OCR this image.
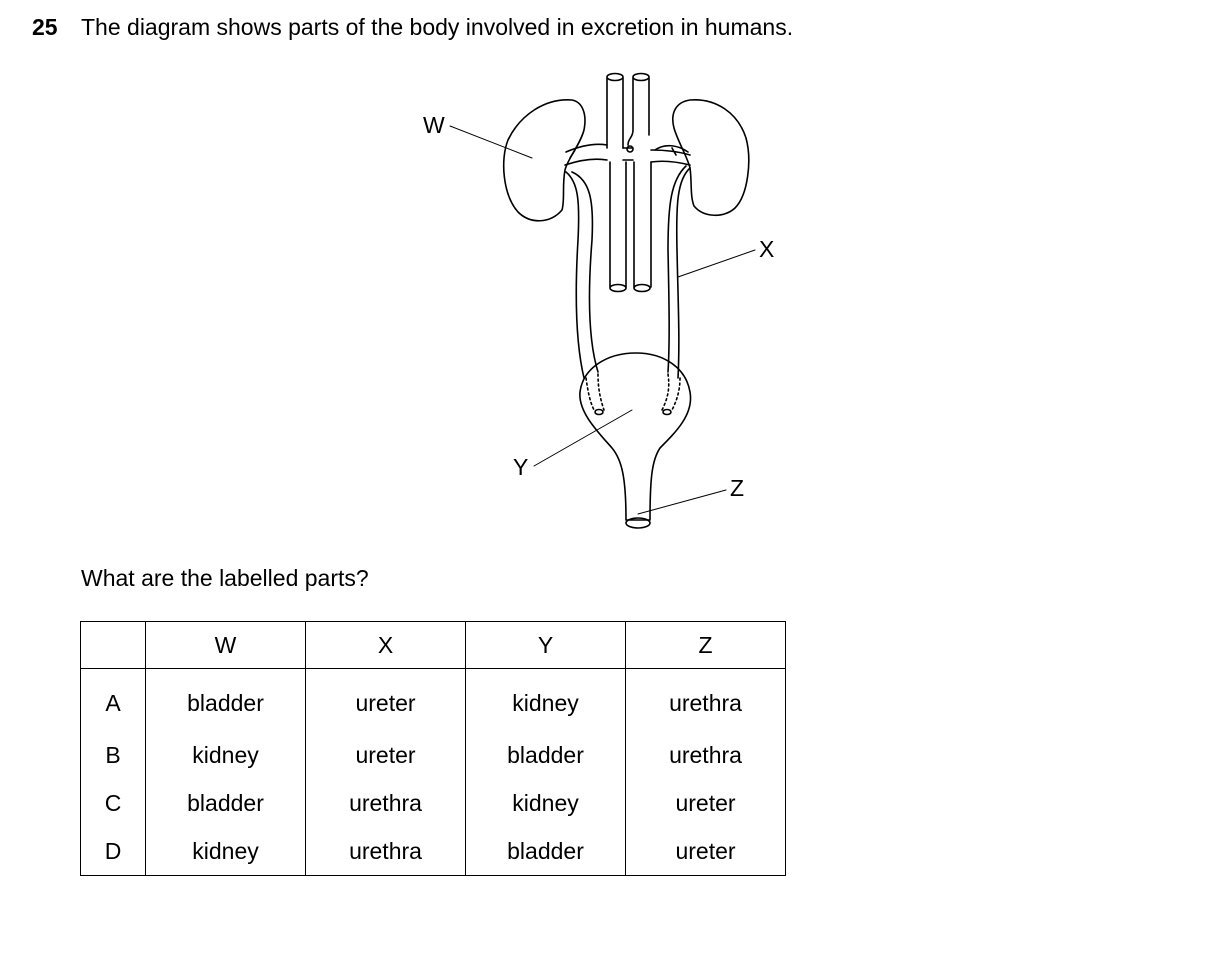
25 The diagram shows parts of the body involved in excretion in humans.
W
X
Y
Z
What are the labelled parts?
	W	X	Y	Z
A	bladder	ureter	kidney	urethra
B	kidney	ureter	bladder	urethra
C	bladder	urethra	kidney	ureter
D	kidney	urethra	bladder	ureter
